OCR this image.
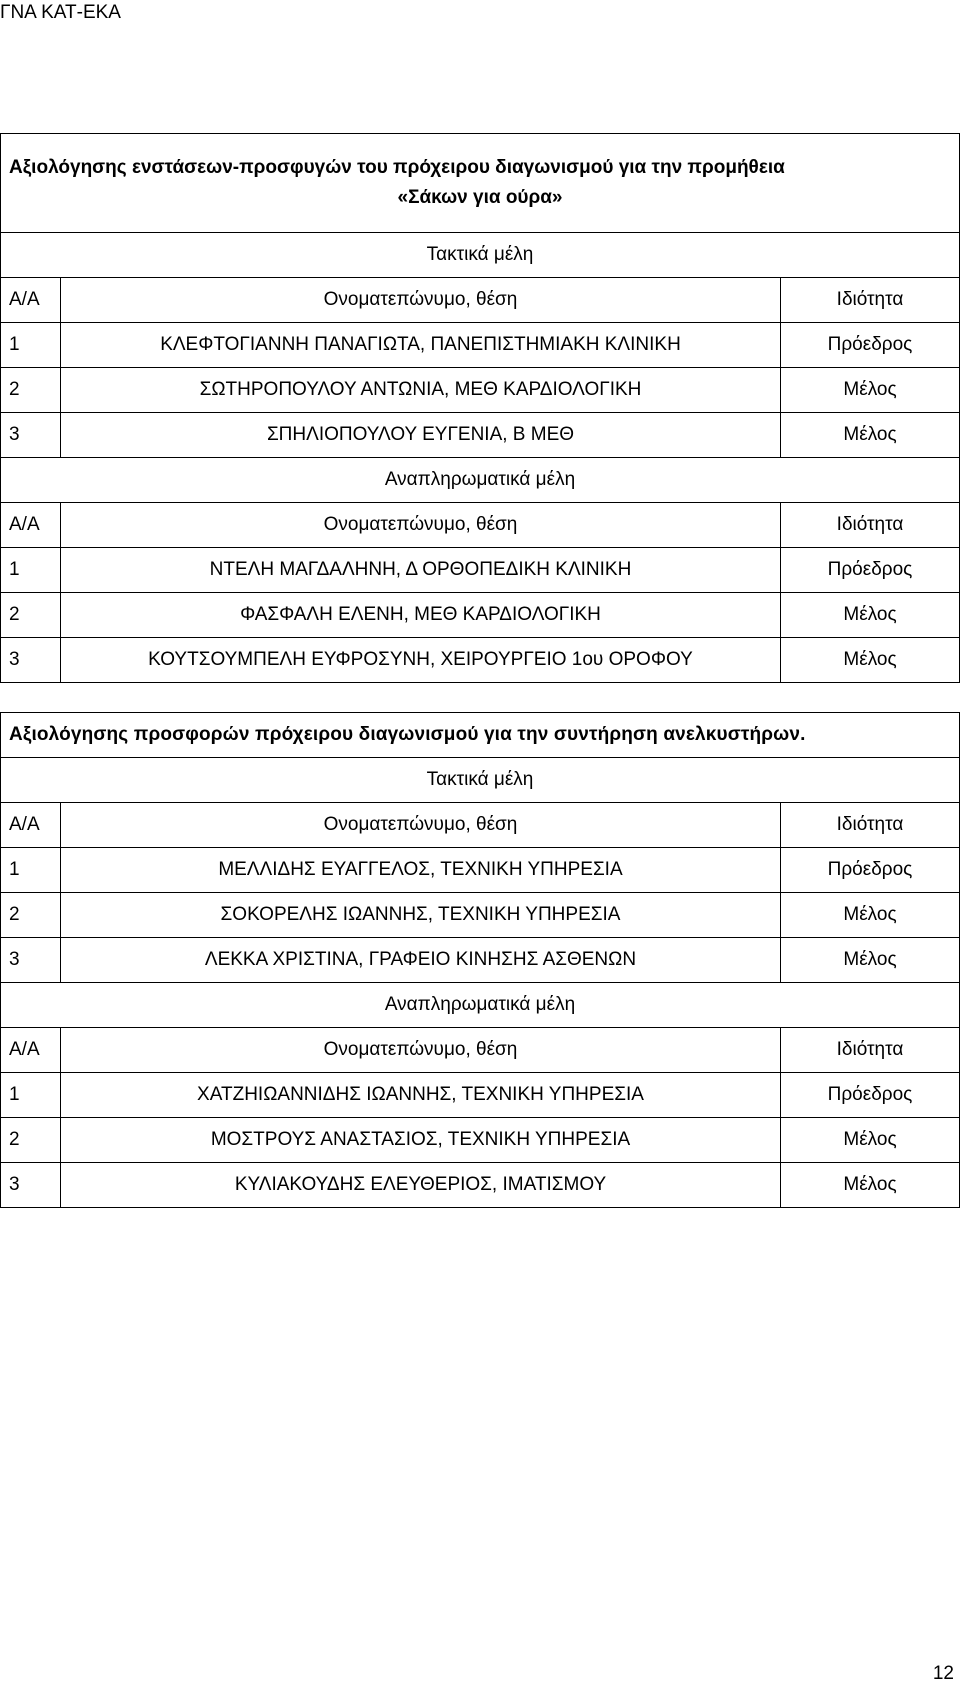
ΓΝΑ ΚΑΤ-ΕΚΑ
Αξιολόγησης ενστάσεων-προσφυγών του πρόχειρου διαγωνισμού για την προμήθεια
«Σάκων για ούρα»		

Τακτικά μέλη		
Α/Α	Ονοματεπώνυμο, θέση	Ιδιότητα
1	ΚΛΕΦΤΟΓΙΑΝΝΗ ΠΑΝΑΓΙΩΤΑ, ΠΑΝΕΠΙΣΤΗΜΙΑΚΗ ΚΛΙΝΙΚΗ	Πρόεδρος
2	ΣΩΤΗΡΟΠΟΥΛΟΥ ΑΝΤΩΝΙΑ, ΜΕΘ ΚΑΡΔΙΟΛΟΓΙΚΗ	Μέλος
3	ΣΠΗΛΙΟΠΟΥΛΟΥ ΕΥΓΕΝΙΑ, Β ΜΕΘ	Μέλος
Αναπληρωματικά μέλη		
Α/Α	Ονοματεπώνυμο, θέση	Ιδιότητα
1	ΝΤΕΛΗ ΜΑΓΔΑΛΗΝΗ, Δ ΟΡΘΟΠΕΔΙΚΗ ΚΛΙΝΙΚΗ	Πρόεδρος
2	ΦΑΣΦΑΛΗ ΕΛΕΝΗ, ΜΕΘ ΚΑΡΔΙΟΛΟΓΙΚΗ	Μέλος
3	ΚΟΥΤΣΟΥΜΠΕΛΗ ΕΥΦΡΟΣΥΝΗ, ΧΕΙΡΟΥΡΓΕΙΟ 1ου ΟΡΟΦΟΥ	Μέλος
Αξιολόγησης προσφορών πρόχειρου διαγωνισμού για την συντήρηση ανελκυστήρων.		
Τακτικά μέλη		
Α/Α	Ονοματεπώνυμο, θέση	Ιδιότητα
1	ΜΕΛΛΙΔΗΣ ΕΥΑΓΓΕΛΟΣ, ΤΕΧΝΙΚΗ ΥΠΗΡΕΣΙΑ	Πρόεδρος
2	ΣΟΚΟΡΕΛΗΣ ΙΩΑΝΝΗΣ, ΤΕΧΝΙΚΗ ΥΠΗΡΕΣΙΑ	Μέλος
3	ΛΕΚΚΑ ΧΡΙΣΤΙΝΑ, ΓΡΑΦΕΙΟ ΚΙΝΗΣΗΣ ΑΣΘΕΝΩΝ	Μέλος
Αναπληρωματικά μέλη		
Α/Α	Ονοματεπώνυμο, θέση	Ιδιότητα
1	ΧΑΤΖΗΙΩΑΝΝΙΔΗΣ ΙΩΑΝΝΗΣ, ΤΕΧΝΙΚΗ ΥΠΗΡΕΣΙΑ	Πρόεδρος
2	ΜΟΣΤΡΟΥΣ ΑΝΑΣΤΑΣΙΟΣ, ΤΕΧΝΙΚΗ ΥΠΗΡΕΣΙΑ	Μέλος
3	ΚΥΛΙΑΚΟΥΔΗΣ ΕΛΕΥΘΕΡΙΟΣ, ΙΜΑΤΙΣΜΟΥ	Μέλος
12
